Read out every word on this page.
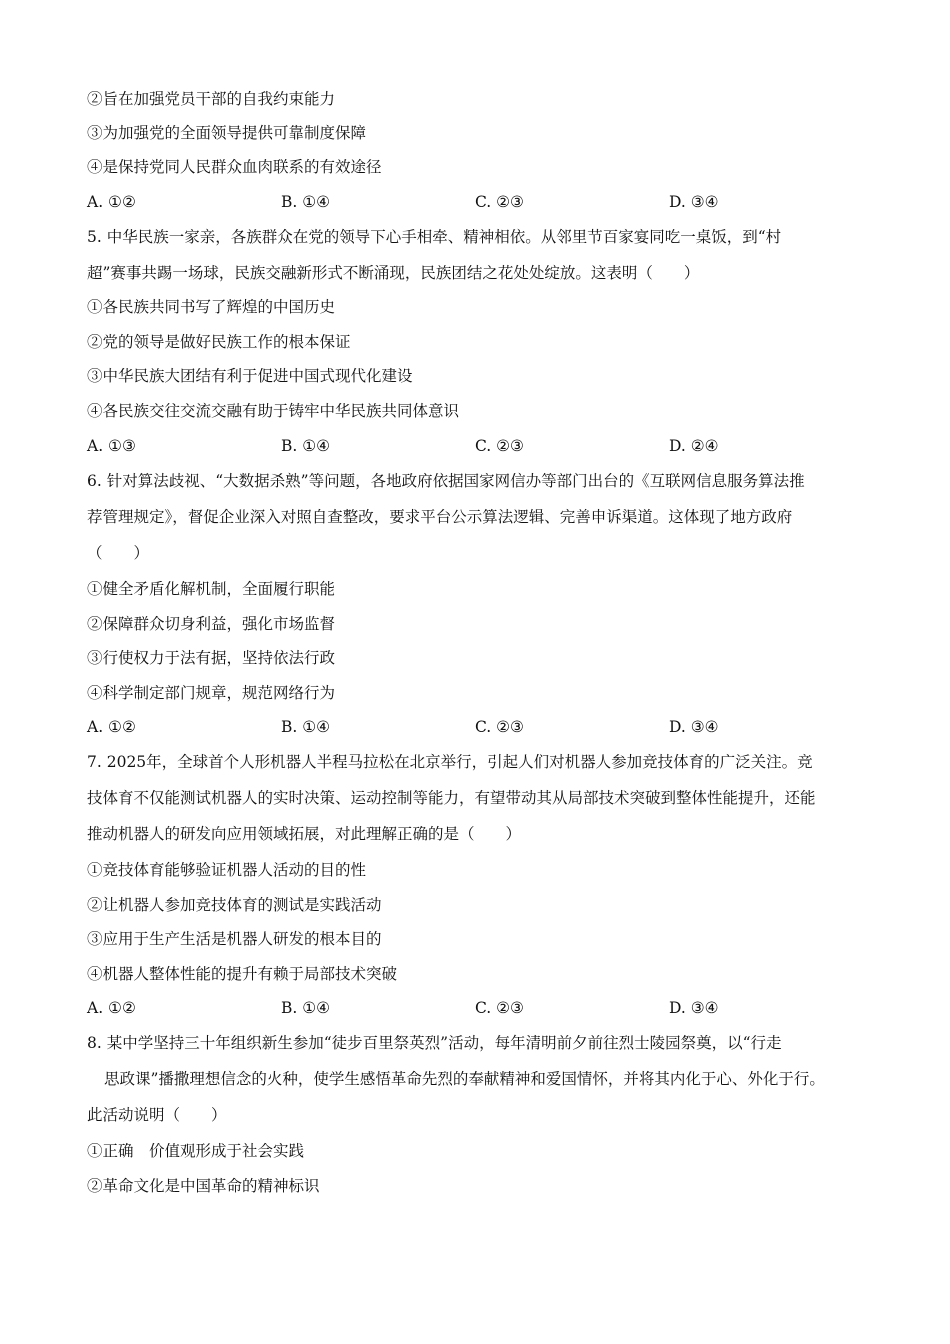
②旨在加强党员干部的自我约束能力
③为加强党的全面领导提供可靠制度保障
④是保持党同人民群众血肉联系的有效途径
A. ①②	B. ①④	C. ②③	D. ③④
5. 中华民族一家亲，各族群众在党的领导下心手相牵、精神相依。从邻里节百家宴同吃一桌饭，到“村
超”赛事共踢一场球，民族交融新形式不断涌现，民族团结之花处处绽放。这表明（　　）
①各民族共同书写了辉煌的中国历史
②党的领导是做好民族工作的根本保证
③中华民族大团结有利于促进中国式现代化建设
④各民族交往交流交融有助于铸牢中华民族共同体意识
A. ①③	B. ①④	C. ②③	D. ②④
6. 针对算法歧视、“大数据杀熟”等问题，各地政府依据国家网信办等部门出台的《互联网信息服务算法推
荐管理规定》，督促企业深入对照自查整改，要求平台公示算法逻辑、完善申诉渠道。这体现了地方政府
（　　）
①健全矛盾化解机制，全面履行职能
②保障群众切身利益，强化市场监督
③行使权力于法有据，坚持依法行政
④科学制定部门规章，规范网络行为
A. ①②	B. ①④	C. ②③	D. ③④
7. 2025年，全球首个人形机器人半程马拉松在北京举行，引起人们对机器人参加竞技体育的广泛关注。竞
技体育不仅能测试机器人的实时决策、运动控制等能力，有望带动其从局部技术突破到整体性能提升，还能
推动机器人的研发向应用领域拓展，对此理解正确的是（　　）
①竞技体育能够验证机器人活动的目的性
②让机器人参加竞技体育的测试是实践活动
③应用于生产生活是机器人研发的根本目的
④机器人整体性能的提升有赖于局部技术突破
A. ①②	B. ①④	C. ②③	D. ③④
8. 某中学坚持三十年组织新生参加“徒步百里祭英烈”活动，每年清明前夕前往烈士陵园祭奠，以“行走
思政课”播撒理想信念的火种，使学生感悟革命先烈的奉献精神和爱国情怀，并将其内化于心、外化于行。
此活动说明（　　）
①正确　价值观形成于社会实践
②革命文化是中国革命的精神标识
